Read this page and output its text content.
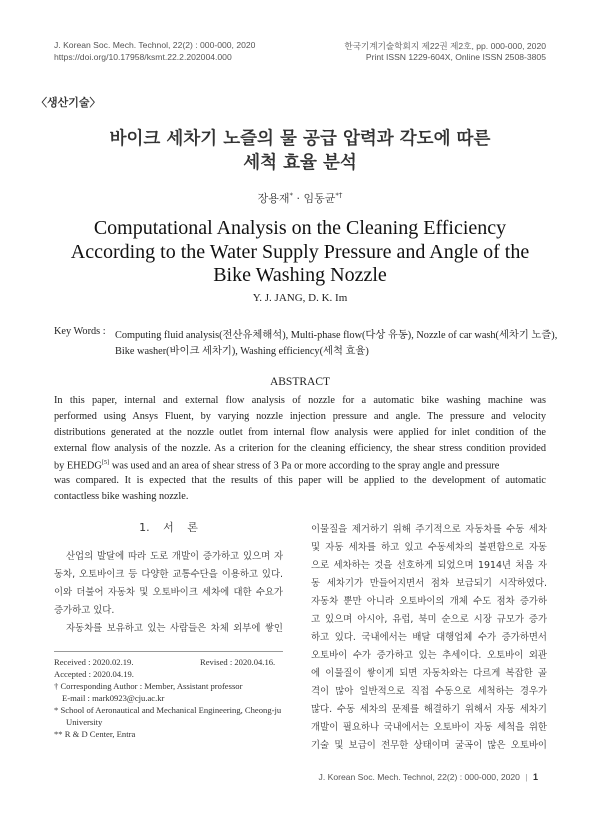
J. Korean Soc. Mech. Technol, 22(2) : 000-000, 2020
https://doi.org/10.17958/ksmt.22.2.202004.000
한국기계기술학회지 제22권 제2호, pp. 000-000, 2020
Print ISSN 1229-604X, Online ISSN 2508-3805
〈생산기술〉
바이크 세차기 노즐의 물 공급 압력과 각도에 따른
세척 효율 분석
장용재* · 임동균*†
Computational Analysis on the Cleaning Efficiency
According to the Water Supply Pressure and Angle of the
Bike Washing Nozzle
Y. J. JANG, D. K. Im
Key Words : Computing fluid analysis(전산유체해석), Multi-phase flow(다상 유동), Nozzle of car wash(세차기 노즐),
Bike washer(바이크 세차기), Washing efficiency(세척 효율)
ABSTRACT
In this paper, internal and external flow analysis of nozzle for a automatic bike washing machine was
performed using Ansys Fluent, by varying nozzle injection pressure and angle. The pressure and velocity
distributions generated at the nozzle outlet from internal flow analysis were applied for inlet condition of the
external flow analysis of the nozzle. As a criterion for the cleaning efficiency, the shear stress condition provided
by EHEDG[5] was used and an area of shear stress of 3 Pa or more according to the spray angle and pressure
was compared. It is expected that the results of this paper will be applied to the development of automatic
contactless bike washing nozzle.
1. 서 론
산업의 발달에 따라 도로 개발이 증가하고 있으며 자
동차, 오토바이크 등 다양한 교통수단을 이용하고 있다.
이와 더불어 자동차 및 오토바이크 세차에 대한 수요가
증가하고 있다.
자동차를 보유하고 있는 사람들은 차체 외부에 쌓인
Received : 2020.02.19.	Revised : 2020.04.16.
Accepted : 2020.04.19.
† Corresponding Author : Member, Assistant professor
E-mail : mark0923@cju.ac.kr
* School of Aeronautical and Mechanical Engineering, Cheong-ju
University
** R & D Center, Entra
이물질을 제거하기 위해 주기적으로 자동차를 수동 세차
및 자동 세차를 하고 있고 수동세차의 불편함으로 자동
으로 세차하는 것을 선호하게 되었으며 1914년 처음 자
동 세차기가 만들어지면서 점차 보급되기 시작하였다.
자동차 뿐만 아니라 오토바이의 개체 수도 점차 증가하
고 있으며 아시아, 유럽, 북미 순으로 시장 규모가 증가
하고 있다. 국내에서는 배달 대행업체 수가 증가하면서
오토바이 수가 증가하고 있는 추세이다. 오토바이 외관
에 이물질이 쌓이게 되면 자동차와는 다르게 복잡한 골
격이 많아 일반적으로 직접 수동으로 세척하는 경우가
많다. 수동 세차의 문제를 해결하기 위해서 자동 세차기
개발이 필요하나 국내에서는 오토바이 자동 세척을 위한
기술 및 보급이 전무한 상태이며 굴곡이 많은 오토바이
J. Korean Soc. Mech. Technol, 22(2) : 000-000, 2020 | 1
